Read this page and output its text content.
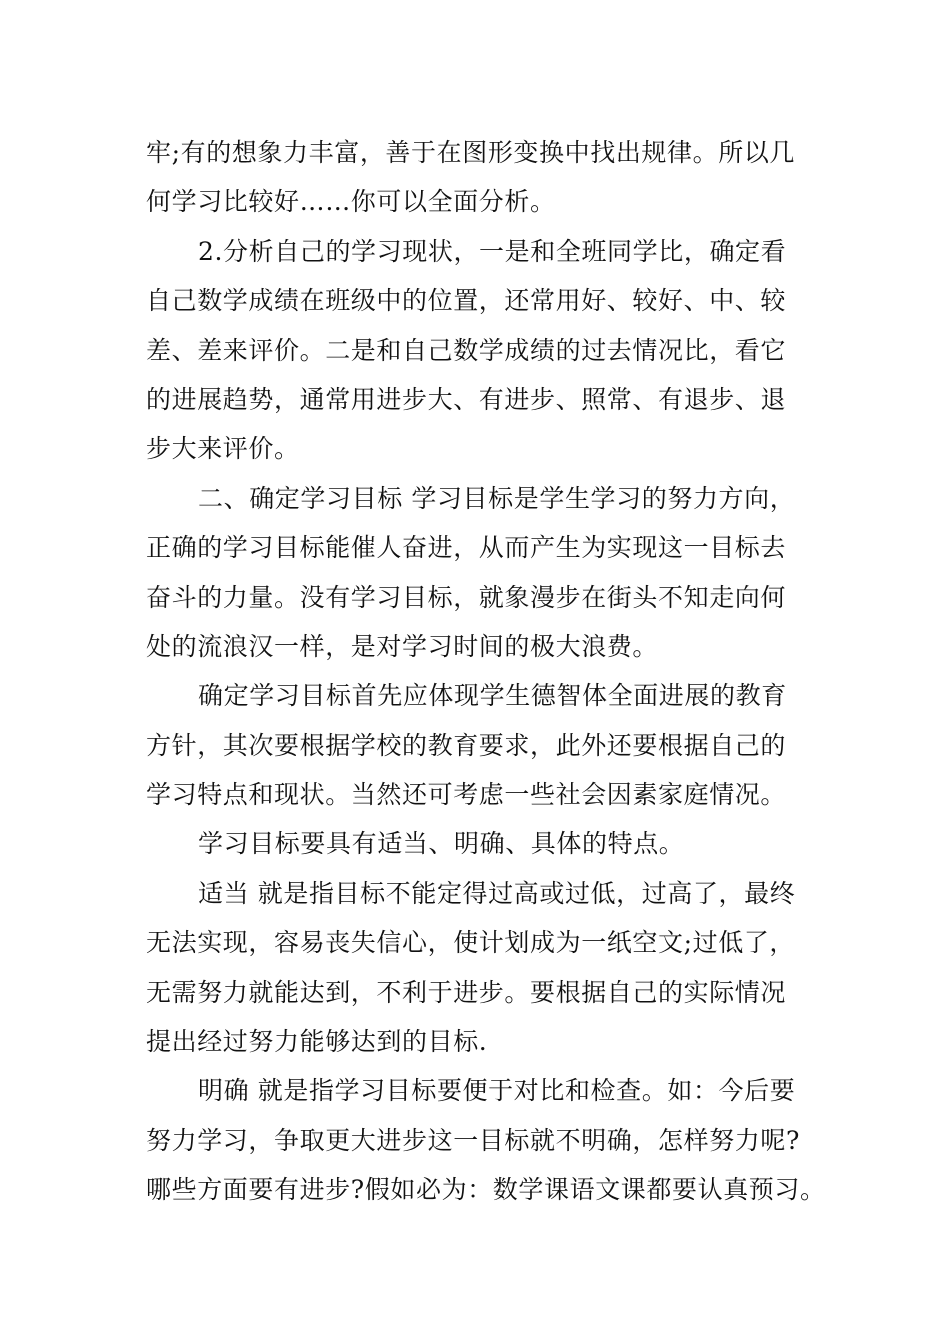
牢;有的想象力丰富，善于在图形变换中找出规律。所以几
何学习比较好……你可以全面分析。
2.分析自己的学习现状，一是和全班同学比，确定看
自己数学成绩在班级中的位置，还常用好、较好、中、较
差、差来评价。二是和自己数学成绩的过去情况比，看它
的进展趋势，通常用进步大、有进步、照常、有退步、退
步大来评价。
二、确定学习目标 学习目标是学生学习的努力方向，
正确的学习目标能催人奋进，从而产生为实现这一目标去
奋斗的力量。没有学习目标，就象漫步在街头不知走向何
处的流浪汉一样，是对学习时间的极大浪费。
确定学习目标首先应体现学生德智体全面进展的教育
方针，其次要根据学校的教育要求，此外还要根据自己的
学习特点和现状。当然还可考虑一些社会因素家庭情况。
学习目标要具有适当、明确、具体的特点。
适当 就是指目标不能定得过高或过低，过高了，最终
无法实现，容易丧失信心，使计划成为一纸空文;过低了，
无需努力就能达到，不利于进步。要根据自己的实际情况
提出经过努力能够达到的目标.
明确 就是指学习目标要便于对比和检查。如：今后要
努力学习，争取更大进步这一目标就不明确，怎样努力呢?
哪些方面要有进步?假如必为：数学课语文课都要认真预习。
